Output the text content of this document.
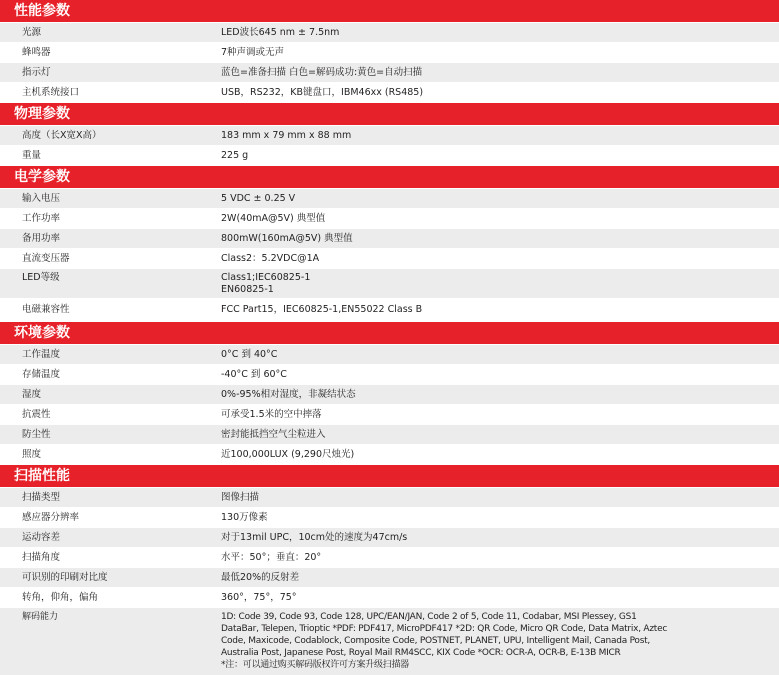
性能参数
光源	LED波长645 nm ± 7.5nm
蜂鸣器	7种声调或无声
指示灯	蓝色=准备扫描 白色=解码成功:黄色=自动扫描
主机系统接口	USB，RS232，KB键盘口，IBM46xx (RS485)
物理参数
高度（长X宽X高）	183 mm x 79 mm x 88 mm
重量	225 g
电学参数
输入电压	5 VDC ± 0.25 V
工作功率	2W(40mA@5V) 典型值
备用功率	800mW(160mA@5V) 典型值
直流变压器	Class2：5.2VDC@1A
LED等级	Class1;IEC60825-1
EN60825-1
电磁兼容性	FCC Part15，IEC60825-1,EN55022 Class B
环境参数
工作温度	0°C 到 40°C
存储温度	-40°C 到 60°C
湿度	0%-95%相对湿度，非凝结状态
抗震性	可承受1.5米的空中摔落
防尘性	密封能抵挡空气尘粒进入
照度	近100,000LUX (9,290尺烛光)
扫描性能
扫描类型	图像扫描
感应器分辨率	130万像素
运动容差	对于13mil UPC，10cm处的速度为47cm/s
扫描角度	水平：50°；垂直：20°
可识别的印刷对比度	最低20%的反射差
转角，仰角，偏角	360°，75°，75°
解码能力	1D: Code 39, Code 93, Code 128, UPC/EAN/JAN, Code 2 of 5, Code 11, Codabar, MSI Plessey, GS1
DataBar, Telepen, Trioptic *PDF: PDF417, MicroPDF417 *2D: QR Code, Micro QR Code, Data Matrix, Aztec
Code, Maxicode, Codablock, Composite Code, POSTNET, PLANET, UPU, Intelligent Mail, Canada Post,
Australia Post, Japanese Post, Royal Mail RM4SCC, KIX Code *OCR: OCR-A, OCR-B, E-13B MICR
*注：可以通过购买解码版权许可方案升级扫描器
